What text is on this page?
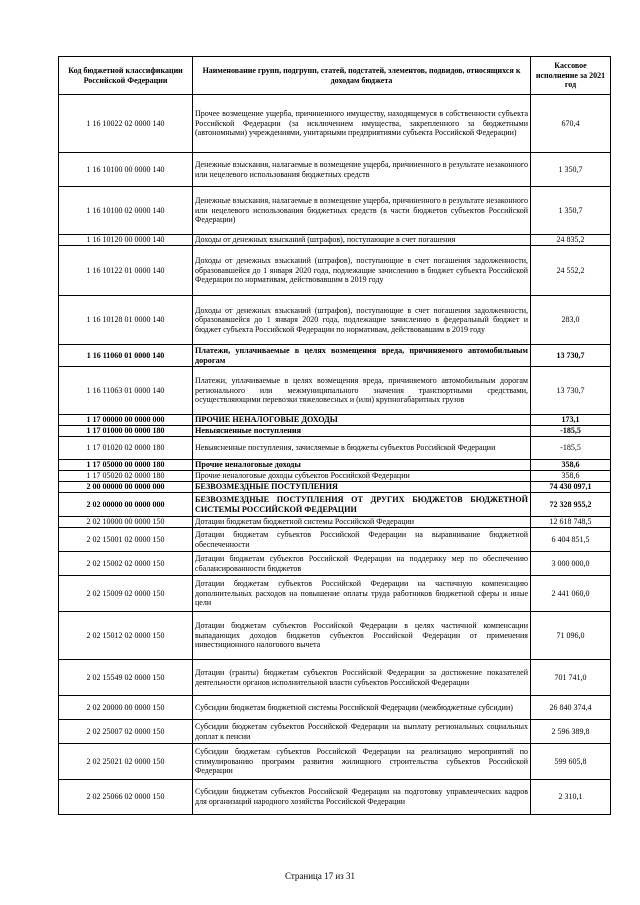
Код бюджетной классификации Российской Федерации	Наименование групп, подгрупп, статей, подстатей, элементов, подвидов, относящихся к доходам бюджета	Кассовое исполнение за 2021 год
1 16 10022 02 0000 140	Прочее возмещение ущерба, причиненного имуществу, находящемуся в собственности субъекта Российской Федерации (за исключением имущества, закрепленного за бюджетными (автономными) учреждениями, унитарными предприятиями субъекта Российской Федерации)	670,4
1 16 10100 00 0000 140	Денежные взыскания, налагаемые в возмещение ущерба, причиненного в результате незаконного или нецелевого использования бюджетных средств	1 350,7
1 16 10100 02 0000 140	Денежные взыскания, налагаемые в возмещение ущерба, причиненного в результате незаконного или нецелевого использования бюджетных средств (в части бюджетов субъектов Российской Федерации)	1 350,7
1 16 10120 00 0000 140	Доходы от денежных взысканий (штрафов), поступающие в счет погашения	24 835,2
1 16 10122 01 0000 140	Доходы от денежных взысканий (штрафов), поступающие в счет погашения задолженности, образовавшейся до 1 января 2020 года, подлежащие зачислению в бюджет субъекта Российской Федерации по нормативам, действовавшим в 2019 году	24 552,2
1 16 10128 01 0000 140	Доходы от денежных взысканий (штрафов), поступающие в счет погашения задолженности, образовавшейся до 1 января 2020 года, подлежащие зачислению в федеральный бюджет и бюджет субъекта Российской Федерации по нормативам, действовавшим в 2019 году	283,0
1 16 11060 01 0000 140	Платежи, уплачиваемые в целях возмещения вреда, причиняемого автомобильным дорогам	13 730,7
1 16 11063 01 0000 140	Платежи, уплачиваемые в целях возмещения вреда, причиняемого автомобильным дорогам регионального или межмуниципального значения транспортными средствами, осуществляющими перевозки тяжеловесных и (или) крупногабаритных грузов	13 730,7
1 17 00000 00 0000 000	ПРОЧИЕ НЕНАЛОГОВЫЕ ДОХОДЫ	173,1
1 17 01000 00 0000 180	Невыясненные поступления	-185,5
1 17 01020 02 0000 180	Невыясненные поступления, зачисляемые в бюджеты субъектов Российской Федерации	-185,5
1 17 05000 00 0000 180	Прочие неналоговые доходы	358,6
1 17 05020 02 0000 180	Прочие неналоговые доходы субъектов Российской Федерации	358,6
2 00 00000 00 0000 000	БЕЗВОЗМЕЗДНЫЕ ПОСТУПЛЕНИЯ	74 430 097,1
2 02 00000 00 0000 000	БЕЗВОЗМЕЗДНЫЕ ПОСТУПЛЕНИЯ ОТ ДРУГИХ БЮДЖЕТОВ БЮДЖЕТНОЙ СИСТЕМЫ РОССИЙСКОЙ ФЕДЕРАЦИИ	72 328 955,2
2 02 10000 00 0000 150	Дотации бюджетам бюджетной системы Российской Федерации	12 618 748,5
2 02 15001 02 0000 150	Дотации бюджетам субъектов Российской Федерации на выравнивание бюджетной обеспеченности	6 404 851,5
2 02 15002 02 0000 150	Дотации бюджетам субъектов Российской Федерации на поддержку мер по обеспечению сбалансированности бюджетов	3 000 000,0
2 02 15009 02 0000 150	Дотации бюджетам субъектов Российской Федерации на частичную компенсацию дополнительных расходов на повышение оплаты труда работников бюджетной сферы и иные цели	2 441 060,0
2 02 15012 02 0000 150	Дотации бюджетам субъектов Российской Федерации в целях частичной компенсации выпадающих доходов бюджетов субъектов Российской Федерации от применения инвестиционного налогового вычета	71 096,0
2 02 15549 02 0000 150	Дотации (гранты) бюджетам субъектов Российской Федерации за достижение показателей деятельности органов исполнительной власти субъектов Российской Федерации	701 741,0
2 02 20000 00 0000 150	Субсидии бюджетам бюджетной системы Российской Федерации (межбюджетные субсидии)	26 840 374,4
2 02 25007 02 0000 150	Субсидии бюджетам субъектов Российской Федерации на выплату региональных социальных доплат к пенсии	2 596 389,8
2 02 25021 02 0000 150	Субсидии бюджетам субъектов Российской Федерации на реализацию мероприятий по стимулированию программ развития жилищного строительства субъектов Российской Федерации	599 605,8
2 02 25066 02 0000 150	Субсидии бюджетам субъектов Российской Федерации на подготовку управленческих кадров для организаций народного хозяйства Российской Федерации	2 310,1
Страница 17 из 31
